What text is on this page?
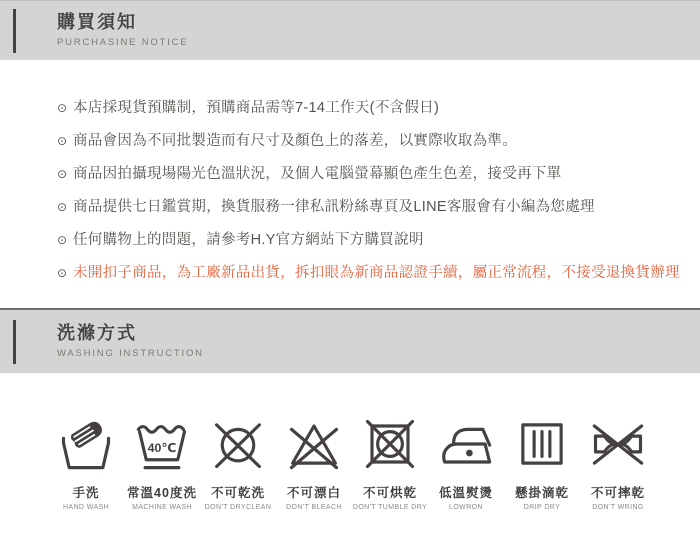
購買須知
PURCHASINE NOTICE
⊙ 本店採現貨預購制，預購商品需等7-14工作天(不含假日)
⊙ 商品會因為不同批製造而有尺寸及顏色上的落差，以實際收取為準。
⊙ 商品因拍攝現場陽光色溫狀況，及個人電腦螢幕顯色產生色差，接受再下單
⊙ 商品提供七日鑑賞期，換貨服務一律私訊粉絲專頁及LINE客服會有小編為您處理
⊙ 任何購物上的問題，請參考H.Y官方網站下方購買說明
⊙ 未開扣子商品，為工廠新品出貨，拆扣眼為新商品認證手續，屬正常流程，不接受退換貨辦理
洗滌方式
WASHING INSTRUCTION
手洗
HAND WASH
40℃
常溫40度洗
MACHINE WASH
不可乾洗
DON'T DRYCLEAN
不可漂白
DON'T BLEACH
不可烘乾
DON'T TUMBLE DRY
低溫熨燙
LOWRON
懸掛滴乾
DRIP DRY
不可摔乾
DON'T WRING
